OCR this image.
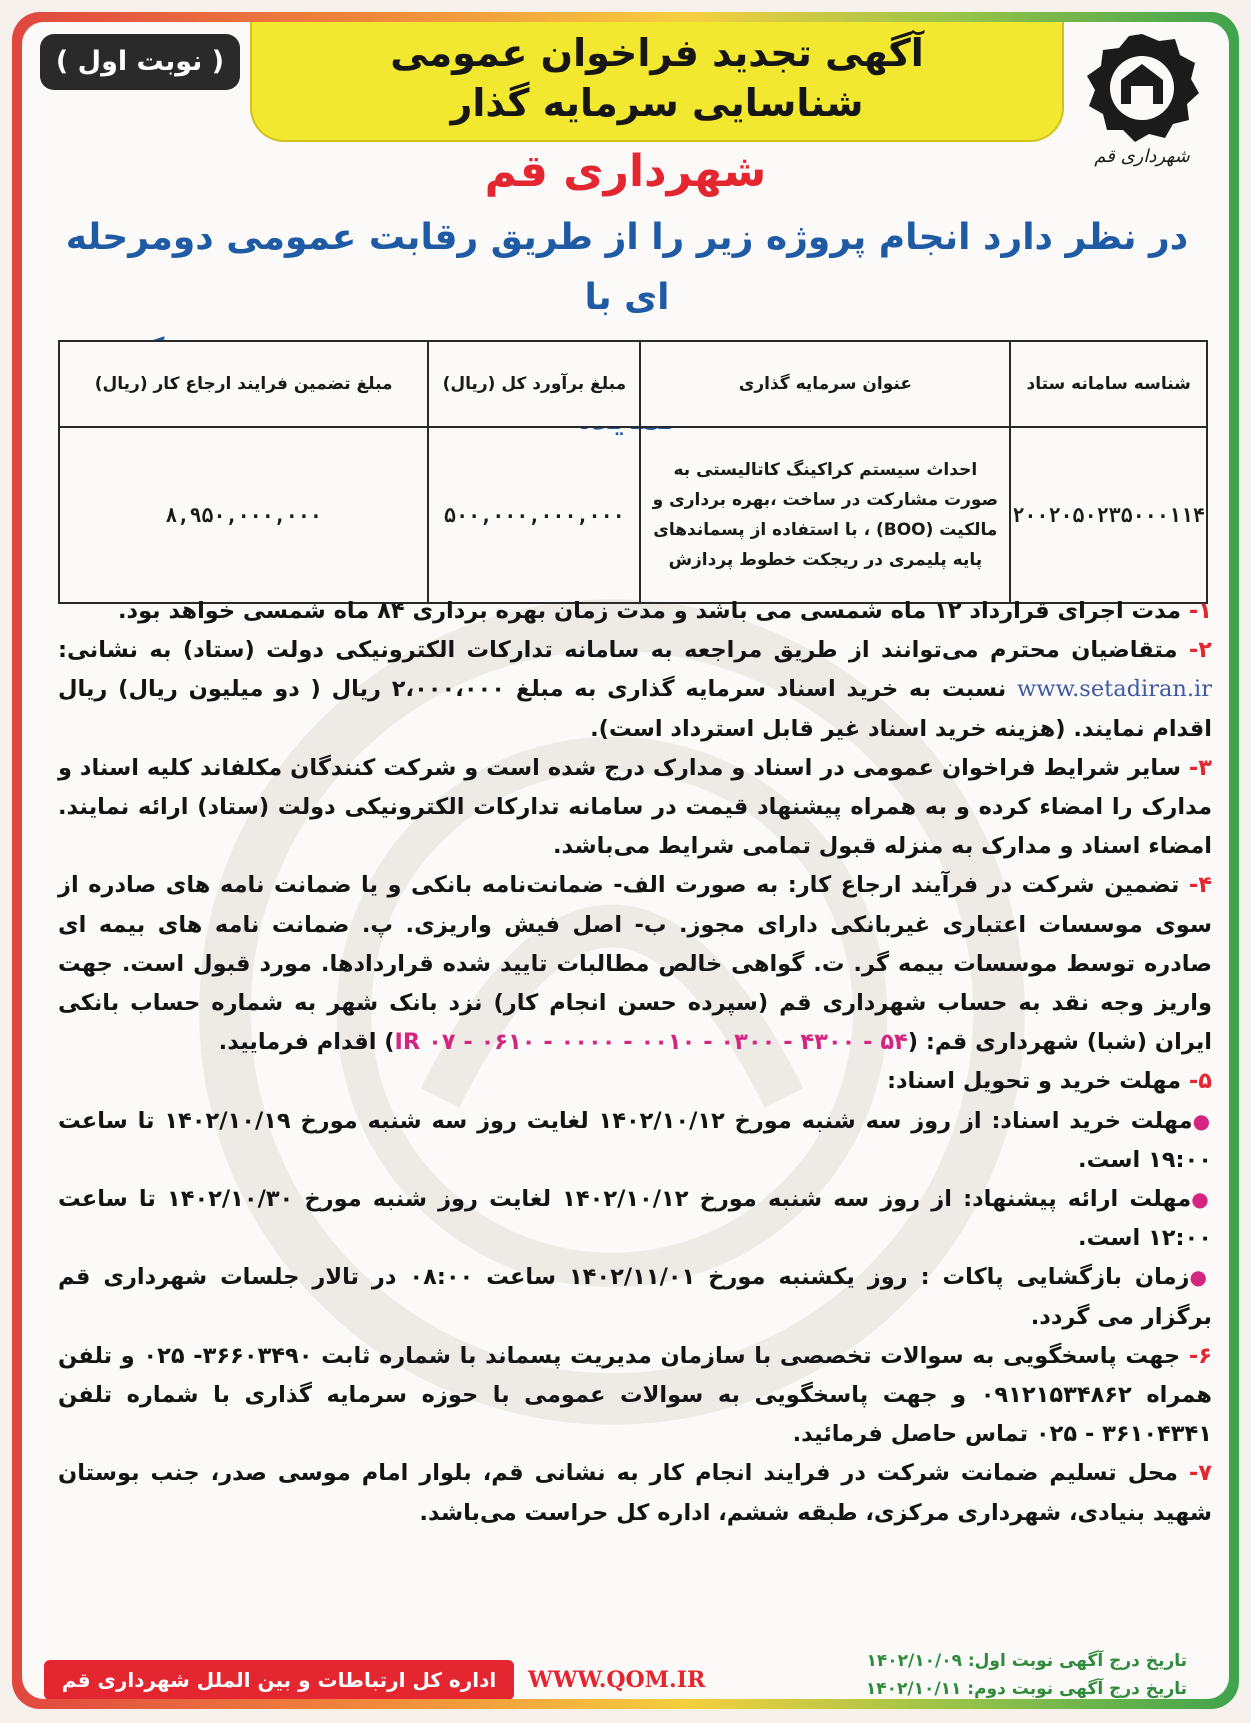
آگهی تجدید فراخوان عمومی
شناسایی سرمایه گذار
( نوبت اول )
شهرداری قم
شهرداری قم
در نظر دارد انجام پروژه زیر را از طریق رقابت عمومی دومرحله ای با
شناسه سامانه ستاد	عنوان سرمایه گذاری	مبلغ برآورد کل (ریال)	مبلغ تضمین فرایند ارجاع کار (ریال)
۲۰۰۲۰۵۰۲۳۵۰۰۰۱۱۴	احداث سیستم کراکینگ کاتالیستی به
صورت مشارکت در ساخت ،بهره برداری و
مالکیت (BOO) ، با استفاده از پسماندهای
پایه پلیمری در ریجکت خطوط پردازش	۵۰۰,۰۰۰,۰۰۰,۰۰۰	۸,۹۵۰,۰۰۰,۰۰۰

۱- مدت اجرای قرارداد ۱۲ ماه شمسی می باشد و مدت زمان بهره برداری ۸۴ ماه شمسی خواهد بود.

۲- متقاضیان محترم می‌توانند از طریق مراجعه به سامانه تدارکات الکترونیکی دولت (ستاد) به نشانی: www.setadiran.ir نسبت به خرید اسناد سرمایه گذاری به مبلغ ۲،۰۰۰،۰۰۰ ریال ( دو میلیون ریال) ریال اقدام نمایند. (هزینه خرید اسناد غیر قابل استرداد است).

۳- سایر شرایط فراخوان عمومی در اسناد و مدارک درج شده است و شرکت کنندگان مکلفاند کلیه اسناد و مدارک را امضاء کرده و به همراه پیشنهاد قیمت در سامانه تدارکات الکترونیکی دولت (ستاد) ارائه نمایند. امضاء اسناد و مدارک به منزله قبول تمامی شرایط می‌باشد.

۴- تضمین شرکت در فرآیند ارجاع کار: به صورت الف- ضمانت‌نامه بانکی و یا ضمانت نامه های صادره از سوی موسسات اعتباری غیربانکی دارای مجوز. ب- اصل فیش واریزی. پ. ضمانت نامه های بیمه ای صادره توسط موسسات بیمه گر. ت. گواهی خالص مطالبات تایید شده قراردادها. مورد قبول است. جهت واریز وجه نقد به حساب شهرداری قم (سپرده حسن انجام کار) نزد بانک شهر به شماره حساب بانکی ایران (شبا) شهرداری قم: (۵۴ - ۴۳۰۰ - ۰۳۰۰ - ۰۰۱۰ - ۰۰۰۰ - ۰۶۱۰ - IR ۰۷) اقدام فرمایید.

۵- مهلت خرید و تحویل اسناد:

●مهلت خرید اسناد: از روز سه شنبه مورخ ۱۴۰۲/۱۰/۱۲ لغایت روز سه شنبه مورخ ۱۴۰۲/۱۰/۱۹ تا ساعت ۱۹:۰۰ است.

●مهلت ارائه پیشنهاد: از روز سه شنبه مورخ ۱۴۰۲/۱۰/۱۲ لغایت روز شنبه مورخ ۱۴۰۲/۱۰/۳۰ تا ساعت ۱۲:۰۰ است.

●زمان بازگشایی پاکات : روز یکشنبه مورخ ۱۴۰۲/۱۱/۰۱ ساعت ۰۸:۰۰ در تالار جلسات شهرداری قم برگزار می گردد.

۶- جهت پاسخگویی به سوالات تخصصی با سازمان مدیریت پسماند با شماره ثابت ۳۶۶۰۳۴۹۰- ۰۲۵ و تلفن همراه ۰۹۱۲۱۵۳۴۸۶۲ و جهت پاسخگویی به سوالات عمومی با حوزه سرمایه گذاری با شماره تلفن ۳۶۱۰۴۳۴۱ - ۰۲۵ تماس حاصل فرمائید.

۷- محل تسلیم ضمانت شرکت در فرایند انجام کار به نشانی قم، بلوار امام موسی صدر، جنب بوستان شهید بنیادی، شهرداری مرکزی، طبقه ششم، اداره کل حراست می‌باشد.

تاریخ درج آگهی نوبت اول: ۱۴۰۲/۱۰/۰۹
تاریخ درج آگهی نوبت دوم: ۱۴۰۲/۱۰/۱۱
WWW.QOM.IR
اداره کل ارتباطات و بین الملل شهرداری قم
